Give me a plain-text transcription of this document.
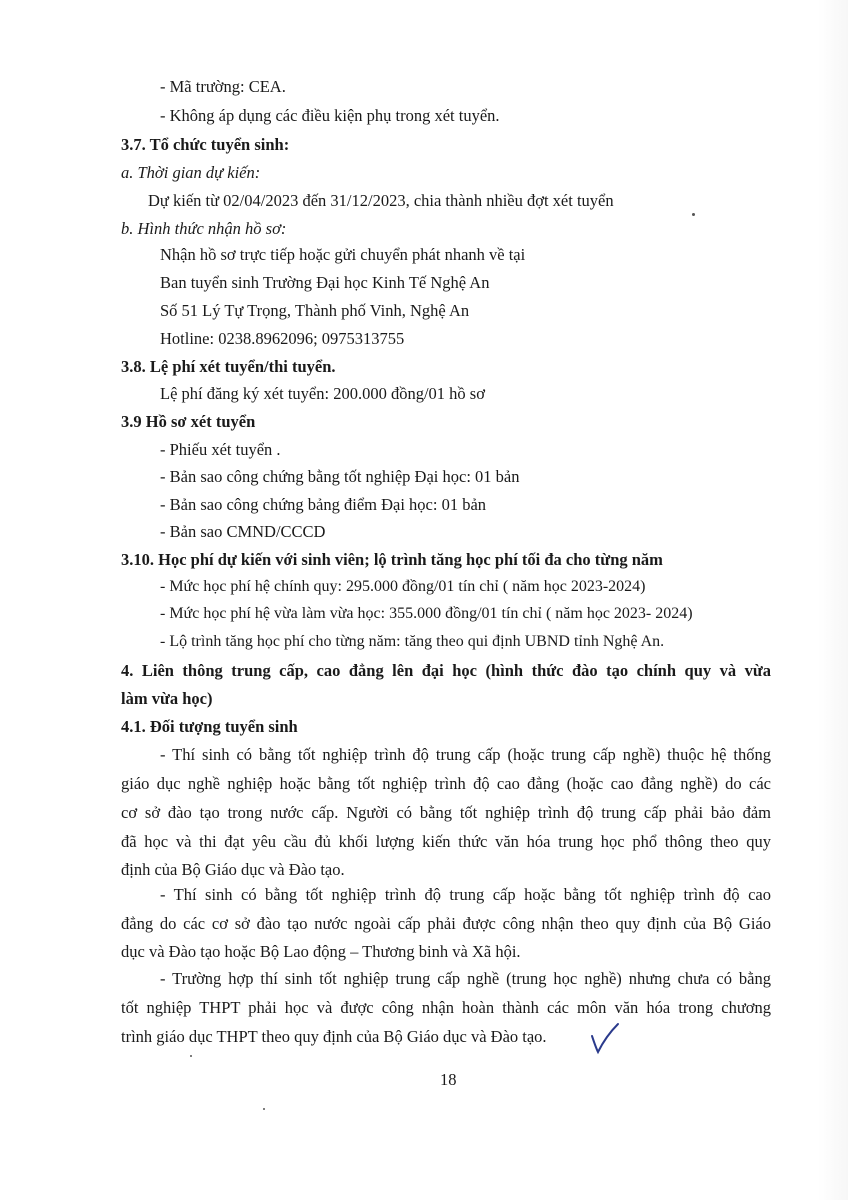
- Mã trường: CEA.
- Không áp dụng các điều kiện phụ trong xét tuyển.
3.7. Tổ chức tuyển sinh:
a. Thời gian dự kiến:
Dự kiến từ 02/04/2023 đến 31/12/2023, chia thành nhiều đợt xét tuyển
b. Hình thức nhận hồ sơ:
Nhận hồ sơ trực tiếp hoặc gửi chuyển phát nhanh về tại
Ban tuyển sinh Trường Đại học Kinh Tế Nghệ An
Số 51 Lý Tự Trọng, Thành phố Vinh, Nghệ An
Hotline: 0238.8962096; 0975313755
3.8. Lệ phí xét tuyển/thi tuyển.
Lệ phí đăng ký xét tuyển: 200.000 đồng/01 hồ sơ
3.9 Hồ sơ xét tuyển
- Phiếu xét tuyển .
- Bản sao công chứng bằng tốt nghiệp Đại học: 01 bản
- Bản sao công chứng bảng điểm Đại học: 01 bản
- Bản sao CMND/CCCD
3.10. Học phí dự kiến với sinh viên; lộ trình tăng học phí tối đa cho từng năm
- Mức học phí hệ chính quy: 295.000 đồng/01 tín chỉ ( năm học 2023-2024)
- Mức học phí hệ vừa làm vừa học: 355.000 đồng/01 tín chỉ ( năm học 2023- 2024)
- Lộ trình tăng học phí cho từng năm: tăng theo qui định UBND tỉnh Nghệ An.
4. Liên thông trung cấp, cao đẳng lên đại học (hình thức đào tạo chính quy và vừa
làm vừa học)
4.1. Đối tượng tuyển sinh
- Thí sinh có bằng tốt nghiệp trình độ trung cấp (hoặc trung cấp nghề) thuộc hệ thống
giáo dục nghề nghiệp hoặc bằng tốt nghiệp trình độ cao đẳng (hoặc cao đẳng nghề) do các
cơ sở đào tạo trong nước cấp. Người có bằng tốt nghiệp trình độ trung cấp phải bảo đảm
đã học và thi đạt yêu cầu đủ khối lượng kiến thức văn hóa trung học phổ thông theo quy
định của Bộ Giáo dục và Đào tạo.
- Thí sinh có bằng tốt nghiệp trình độ trung cấp hoặc bằng tốt nghiệp trình độ cao
đẳng do các cơ sở đào tạo nước ngoài cấp phải được công nhận theo quy định của Bộ Giáo
dục và Đào tạo hoặc Bộ Lao động – Thương binh và Xã hội.
- Trường hợp thí sinh tốt nghiệp trung cấp nghề (trung học nghề) nhưng chưa có bằng
tốt nghiệp THPT phải học và được công nhận hoàn thành các môn văn hóa trong chương
trình giáo dục THPT theo quy định của Bộ Giáo dục và Đào tạo.
18
